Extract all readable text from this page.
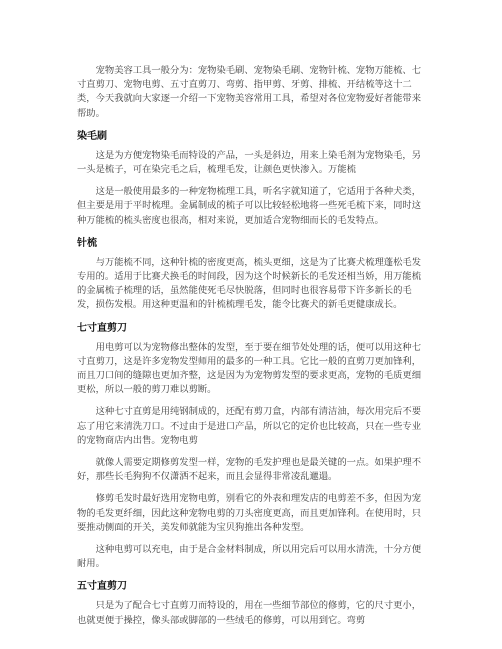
宠物美容工具一般分为：宠物染毛刷、宠物染毛刷、宠物针梳、宠物万能梳、七寸直剪刀、宠物电剪、五寸直剪刀、弯剪、指甲剪、牙剪、排梳、开结梳等这十二类，今天我就向大家逐一介绍一下宠物美容常用工具，希望对各位宠物爱好者能带来帮助。

染毛刷

这是为方便宠物染毛而特设的产品，一头是斜边，用来上染毛剂为宠物染毛，另一头是梳子，可在染完毛之后，梳理毛发，让颜色更快渗入。万能梳

这是一般使用最多的一种宠物梳理工具，听名字就知道了，它适用于各种犬类，但主要是用于平时梳理。金属制成的梳子可以比较轻松地将一些死毛梳下来，同时这种万能梳的梳头密度也很高，相对来说，更加适合宠物细而长的毛发特点。

针梳

与万能梳不同，这种针梳的密度更高，梳头更细，这是为了比赛犬梳理蓬松毛发专用的。适用于比赛犬换毛的时间段，因为这个时候新长的毛发还相当娇，用万能梳的金属梳子梳理的话，虽然能使死毛尽快脱落，但同时也很容易带下许多新长的毛发，损伤发根。用这种更温和的针梳梳理毛发，能令比赛犬的新毛更健康成长。

七寸直剪刀

用电剪可以为宠物修出整体的发型，至于要在细节处处理的话，便可以用这种七寸直剪刀，这是许多宠物发型师用的最多的一种工具。它比一般的直剪刀更加锋利，而且刀口间的缝隙也更加齐整，这是因为为宠物剪发型的要求更高，宠物的毛质更细更松，所以一般的剪刀难以剪断。

这种七寸直剪是用纯钢制成的，还配有剪刀盒，内部有清洁油，每次用完后不要忘了用它来清洗刀口。不过由于是进口产品，所以它的定价也比较高，只在一些专业的宠物商店内出售。宠物电剪

就像人需要定期修剪发型一样，宠物的毛发护理也是最关键的一点。如果护理不好，那些长毛狗狗不仅潇洒不起来，而且会显得非常凌乱邋遢。

修剪毛发时最好选用宠物电剪，别看它的外表和理发店的电剪差不多，但因为宠物的毛发更纤细，因此这种宠物电剪的刀头密度更高，而且更加锋利。在使用时，只要推动侧面的开关，美发师就能为宝贝狗推出各种发型。

这种电剪可以充电，由于是合金材料制成，所以用完后可以用水清洗，十分方便耐用。

五寸直剪刀

只是为了配合七寸直剪刀而特设的，用在一些细节部位的修剪，它的尺寸更小，也就更便于操控，像头部或脚部的一些绒毛的修剪，可以用到它。弯剪
